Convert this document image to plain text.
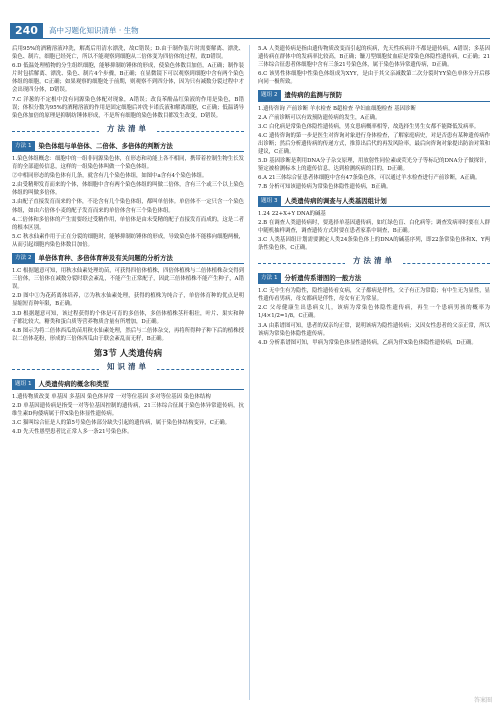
240	高中习题化知识清单 · 生物

后用95%的酒精溶液冲洗，解离后用清水漂洗，故C错误；D.由于制作装片时需要解离、漂洗、染色、制片，细胞已经死亡，所以不能观察到细胞从二倍体变为四倍体的过程，故D错误。

6.D 低温处理植物的分生组织细胞，能够抑制纺锤体的形成，使染色体数目加倍，A正确；制作装片时包括解离、漂洗、染色、制片4个步骤，B正确；在显微镜下可以观察到细胞中含有两个染色体组的细胞，C正确；如果观察的细胞处于前期，则观察不到四分体，因为只有减数分裂过程中才会出现四分体，D错误。

7.C 洋葱的不定根中没有同源染色体配对现象，A错误；改良苯酚品红染液的作用是染色，B错误；体积分数为95%的酒精溶液的作用是固定细胞后冲洗卡诺氏液和解离细胞，C正确；低温诱导染色体加倍的原理是抑制纺锤体形成，不是所有细胞的染色体数目都发生改变，D错误。

方法清单
方法 1	染色体组与单倍体、二倍体、多倍体的判断方法

1.染色体组概念：细胞中的一组非同源染色体，在形态和功能上各不相同，携带着控制生物生长发育的全部遗传信息，这样的一组染色体叫做一个染色体组。

②中相同形态的染色体有几条，就含有几个染色体组，如图中a含有4个染色体组。

2.由受精卵发育而来的个体，体细胞中含有两个染色体组的叫做二倍体，含有三个或三个以上染色体组的叫做多倍体。

3.由配子直接发育而来的个体，不论含有几个染色体组，都叫单倍体。单倍体不一定只含一个染色体组，如由六倍体小麦的配子发育而来的单倍体含有三个染色体组。

4.二倍体和多倍体的产生需要经过受精作用，单倍体是由未受精的配子直接发育而成的，这是二者的根本区别。

5.C 秋水仙素作用于正在分裂的细胞时，能够抑制纺锤体的形成，导致染色体不能移向细胞两极，从而引起细胞内染色体数目加倍。

方法 2	单倍体育种、多倍体育种及有关问题的分析方法

1.C 根据题意可知，用秋水仙素处理幼苗，可获得四倍体植株，四倍体植株与二倍体植株杂交得到三倍体，三倍体在减数分裂时联会紊乱，不能产生正常配子，因此三倍体植株不能产生种子，A错误。

2.D 图中①为花药离体培养，②为秋水仙素处理，获得的植株为纯合子，单倍体育种的优点是明显缩短育种年限，B正确。

3.D 根据题意可知，该过程获得的个体是可育的多倍体，多倍体植株茎秆粗壮，叶片、果实和种子都比较大，糖类和蛋白质等营养物质含量有所增加，D正确。

4.B 图示为将二倍体西瓜幼苗用秋水仙素处理，然后与二倍体杂交，再将所得种子种下后的植株授以二倍体花粉，形成的三倍体西瓜由于联会紊乱而无籽，B正确。

第3节 人类遗传病
知识清单
题组 1	人类遗传病的概念和类型

1.遗传物质改变 单基因 多基因 染色体异常 一对等位基因 多对等位基因 染色体结构

2.D 单基因遗传病是指受一对等位基因控制的遗传病，21三体综合征属于染色体异常遗传病，抗维生素D佝偻病属于伴X染色体显性遗传病。

3.C 猫叫综合征是人的第5号染色体部分缺失引起的遗传病，属于染色体结构变异，C正确。

4.D 先天性愚型患者比正常人多一条21号染色体。

5.A 人类遗传病是指由遗传物质改变而引起的疾病，先天性疾病并不都是遗传病，A错误；多基因遗传病在群体中的发病率比较高，B正确；镰刀型细胞贫血症是常染色体隐性遗传病，C正确；21三体综合征患者体细胞中含有三条21号染色体，属于染色体异常遗传病，D正确。

6.C 该男性体细胞中性染色体组成为XYY，是由于其父亲减数第二次分裂时YY染色单体分开后移向同一极所致。

题组 2	遗传病的监测与预防

1.遗传咨询 产前诊断 羊水检查 B超检查 孕妇血细胞检查 基因诊断

2.A 产前诊断可以有效预防遗传病的发生，A正确。

3.C 白化病是常染色体隐性遗传病，男女患病概率相等，故选择生男生女都不能降低发病率。

4.C 遗传咨询的第一步是医生对咨询对象进行身体检查，了解家庭病史，对是否患有某种遗传病作出诊断；然后分析遗传病的传递方式，推算出后代的再发风险率，最后向咨询对象提出防治对策和建议，C正确。

5.D 基因诊断是利用DNA分子杂交原理，用放射性同位素或荧光分子等标记的DNA分子做探针，鉴定被检测标本上的遗传信息，达到检测疾病的目的，D正确。

6.A 21三体综合征患者体细胞中含有47条染色体，可以通过羊水检查进行产前诊断，A正确。

7.B 分析可知该遗传病为常染色体隐性遗传病，B正确。

题组 3	人类遗传病的调查与人类基因组计划

1.24 22+X+Y DNA的碱基

2.B 在调查人类遗传病时，要选择单基因遗传病，如红绿色盲、白化病等；调查发病率时要在人群中随机抽样调查，调查遗传方式时要在患者家系中调查，B正确。

3.C 人类基因组计划需要测定人类24条染色体上的DNA的碱基序列，即22条常染色体和X、Y两条性染色体，C正确。

方法清单
方法 1	分析遗传系谱图的一般方法

1.C 无中生有为隐性，隐性遗传看女病，父子都病是伴性，父子有正为常隐；有中生无为显性，显性遗传看男病，母女都病是伴性，母女有正为常显。

2.C 父母健康生出患病女儿，该病为常染色体隐性遗传病，再生一个患病男孩的概率为1/4×1/2=1/8，C正确。

3.A 由系谱图可知，患者的双亲均正常，说明该病为隐性遗传病；又因女性患者的父亲正常，所以该病为常染色体隐性遗传病。

4.D 分析系谱图可知，甲病为常染色体显性遗传病，乙病为伴X染色体隐性遗传病，D正确。

答案圈
